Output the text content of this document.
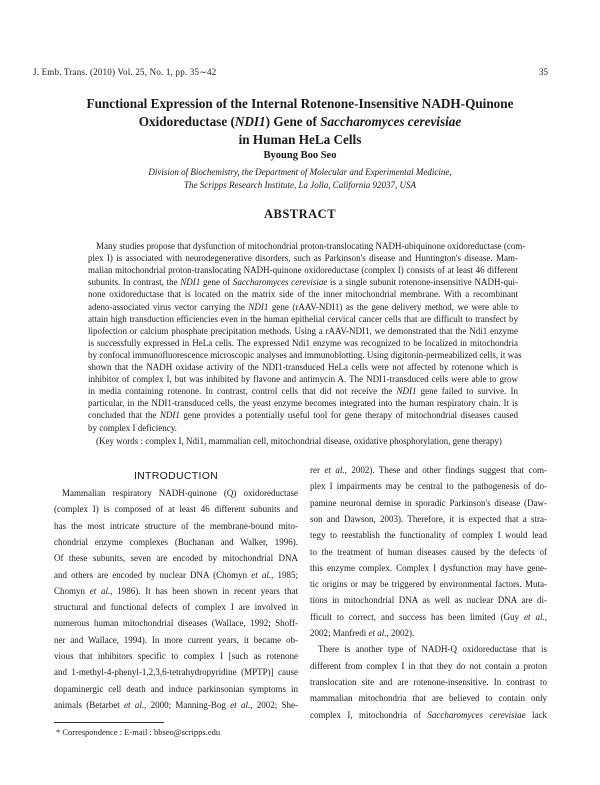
J. Emb. Trans. (2010) Vol. 25, No. 1, pp. 35∼42	35
Functional Expression of the Internal Rotenone-Insensitive NADH-Quinone
Oxidoreductase (NDI1) Gene of Saccharomyces cerevisiae
in Human HeLa Cells
Byoung Boo Seo
Division of Biochemistry, the Department of Molecular and Experimental Medicine,
The Scripps Research Institute, La Jolla, California 92037, USA
ABSTRACT
Many studies propose that dysfunction of mitochondrial proton-translocating NADH-ubiquinone oxidoreductase (com-
plex I) is associated with neurodegenerative disorders, such as Parkinson's disease and Huntington's disease. Mam-
malian mitochondrial proton-translocating NADH-quinone oxidoreductase (complex I) consists of at least 46 different
subunits. In contrast, the NDI1 gene of Saccharomyces cerevisiae is a single subunit rotenone-insensitive NADH-qui-
none oxidoreductase that is located on the matrix side of the inner mitochondrial membrane. With a recombinant
adeno-associated virus vector carrying the NDI1 gene (rAAV-NDI1) as the gene delivery method, we were able to
attain high transduction efficiencies even in the human epithelial cervical cancer cells that are difficult to transfect by
lipofection or calcium phosphate precipitation methods. Using a rAAV-NDI1, we demonstrated that the Ndi1 enzyme
is successfully expressed in HeLa cells. The expressed Ndi1 enzyme was recognized to be localized in mitochondria
by confocal immunofluorescence microscopic analyses and immunoblotting. Using digitonin-permeabilized cells, it was
shown that the NADH oxidase activity of the NDI1-transduced HeLa cells were not affected by rotenone which is
inhibitor of complex I, but was inhibited by flavone and antimycin A. The NDI1-transduced cells were able to grow
in media containing rotenone. In contrast, control cells that did not receive the NDI1 gene failed to survive. In
particular, in the NDI1-transduced cells, the yeast enzyme becomes integrated into the human respiratory chain. It is
concluded that the NDI1 gene provides a potentially useful tool for gene therapy of mitochondrial diseases caused
by complex I deficiency.
(Key words : complex I, Ndi1, mammalian cell, mitochondrial disease, oxidative phosphorylation, gene therapy)
INTRODUCTION
Mammalian respiratory NADH-quinone (Q) oxidoreductase
(complex I) is composed of at least 46 different subunits and
has the most intricate structure of the membrane-bound mito-
chondrial enzyme complexes (Buchanan and Walker, 1996).
Of these subunits, seven are encoded by mitochondrial DNA
and others are encoded by nuclear DNA (Chomyn et al., 1985;
Chomyn et al., 1986). It has been shown in recent years that
structural and functional defects of complex I are involved in
numerous human mitochondrial diseases (Wallace, 1992; Shoff-
ner and Wallace, 1994). In more current years, it became ob-
vious that inhibitors specific to complex I [such as rotenone
and 1-methyl-4-phenyl-1,2,3,6-tetrahydropyridine (MPTP)] cause
dopaminergic cell death and induce parkinsonian symptoms in
animals (Betarbet et al., 2000; Manning-Bog et al., 2002; She-
rer et al., 2002). These and other findings suggest that com-
plex I impairments may be central to the pathogenesis of do-
pamine neuronal demise in sporadic Parkinson's disease (Daw-
son and Dawson, 2003). Therefore, it is expected that a stra-
tegy to reestablish the functionality of complex I would lead
to the treatment of human diseases caused by the defects of
this enzyme complex. Complex I dysfunction may have gene-
tic origins or may be triggered by environmental factors. Muta-
tions in mitochondrial DNA as well as nuclear DNA are di-
fficult to correct, and success has been limited (Guy et al.,
2002; Manfredi et al., 2002).
There is another type of NADH-Q oxidoreductase that is
different from complex I in that they do not contain a proton
translocation site and are rotenone-insensitive. In contrast to
mammalian mitochondria that are believed to contain only
complex I, mitochondria of Saccharomyces cerevisiae lack
* Correspondence : E-mail : bbseo@scripps.edu
